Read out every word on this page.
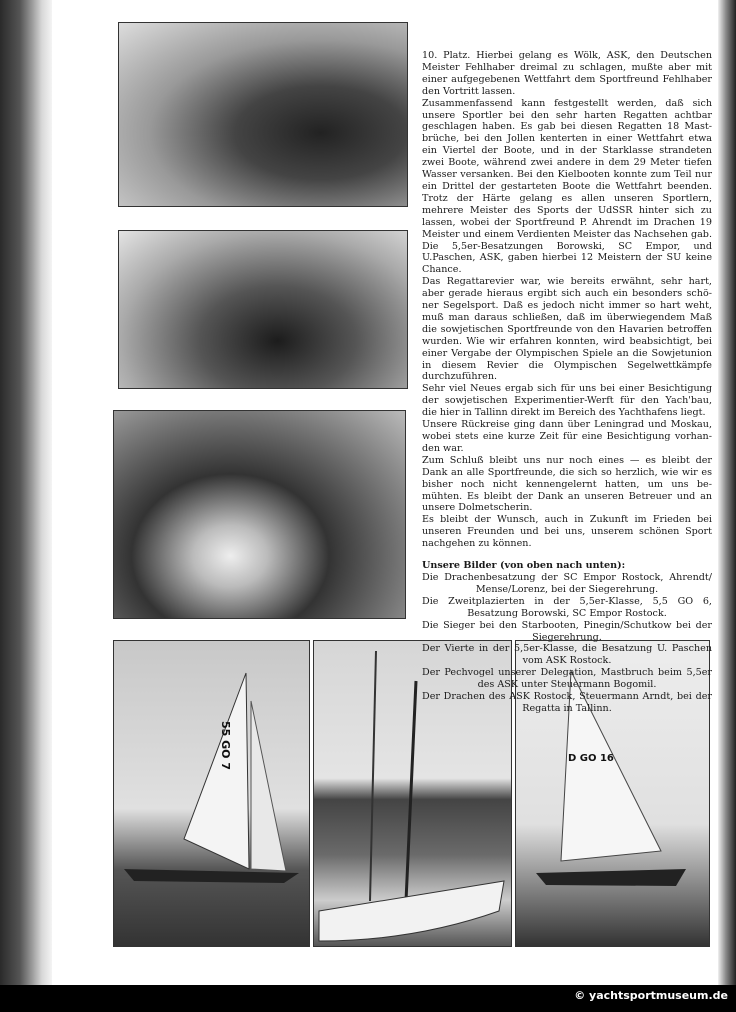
55 GO 7	D GO 16

10. Platz. Hierbei gelang es Wölk, ASK, den Deutschen Meister Fehlhaber dreimal zu schlagen, mußte aber mit einer aufgegebenen Wettfahrt dem Sportfreund Fehlhaber den Vortritt lassen.

Zusammenfassend kann festgestellt werden, daß sich unsere Sportler bei den sehr harten Regatten achtbar geschlagen haben. Es gab bei diesen Regatten 18 Mastbrüche, bei den Jollen kenterten in einer Wettfahrt etwa ein Viertel der Boote, und in der Starklasse strandeten zwei Boote, während zwei andere in dem 29 Meter tiefen Wasser versanken. Bei den Kielbooten konnte zum Teil nur ein Drittel der gestarteten Boote die Wettfahrt beenden. Trotz der Härte gelang es allen unseren Sportlern, mehrere Meister des Sports der UdSSR hinter sich zu lassen, wobei der Sportfreund P. Ahrendt im Drachen 19 Meister und einem Verdienten Meister das Nachsehen gab. Die 5,5er-Besatzungen Borowski, SC Empor, und U.Paschen, ASK, gaben hierbei 12 Meistern der SU keine Chance.

Das Regattarevier war, wie bereits erwähnt, sehr hart, aber gerade hieraus ergibt sich auch ein besonders schöner Segelsport. Daß es jedoch nicht immer so hart weht, muß man daraus schließen, daß im überwiegendem Maß die sowjetischen Sportfreunde von den Havarien betroffen wurden. Wie wir erfahren konnten, wird beabsichtigt, bei einer Vergabe der Olympischen Spiele an die Sowjetunion in diesem Revier die Olympischen Segelwettkämpfe durchzuführen.

Sehr viel Neues ergab sich für uns bei einer Besichtigung der sowjetischen Experimentier-Werft für den Yach'bau, die hier in Tallinn direkt im Bereich des Yachthafens liegt.

Unsere Rückreise ging dann über Leningrad und Moskau, wobei stets eine kurze Zeit für eine Besichtigung vorhanden war.

Zum Schluß bleibt uns nur noch eines — es bleibt der Dank an alle Sportfreunde, die sich so herzlich, wie wir es bisher noch nicht kennengelernt hatten, um uns bemühten. Es bleibt der Dank an unseren Betreuer und an unsere Dolmetscherin.

Es bleibt der Wunsch, auch in Zukunft im Frieden bei unseren Freunden und bei uns, unserem schönen Sport nachgehen zu können.

Unsere Bilder (von oben nach unten):

Die Drachenbesatzung der SC Empor Rostock, Ahrendt/ Mense/Lorenz, bei der Siegerehrung.

Die Zweitplazierten in der 5,5er-Klasse, 5,5 GO 6, Besatzung Borowski, SC Empor Rostock.

Die Sieger bei den Starbooten, Pinegin/Schutkow bei der Siegerehrung.

Der Vierte in der 5,5er-Klasse, die Besatzung U. Paschen vom ASK Rostock.

Der Pechvogel unserer Delegation, Mastbruch beim 5,5er des ASK unter Steuermann Bogomil.

Der Drachen des ASK Rostock, Steuermann Arndt, bei der Regatta in Tallinn.

© yachtsportmuseum.de
